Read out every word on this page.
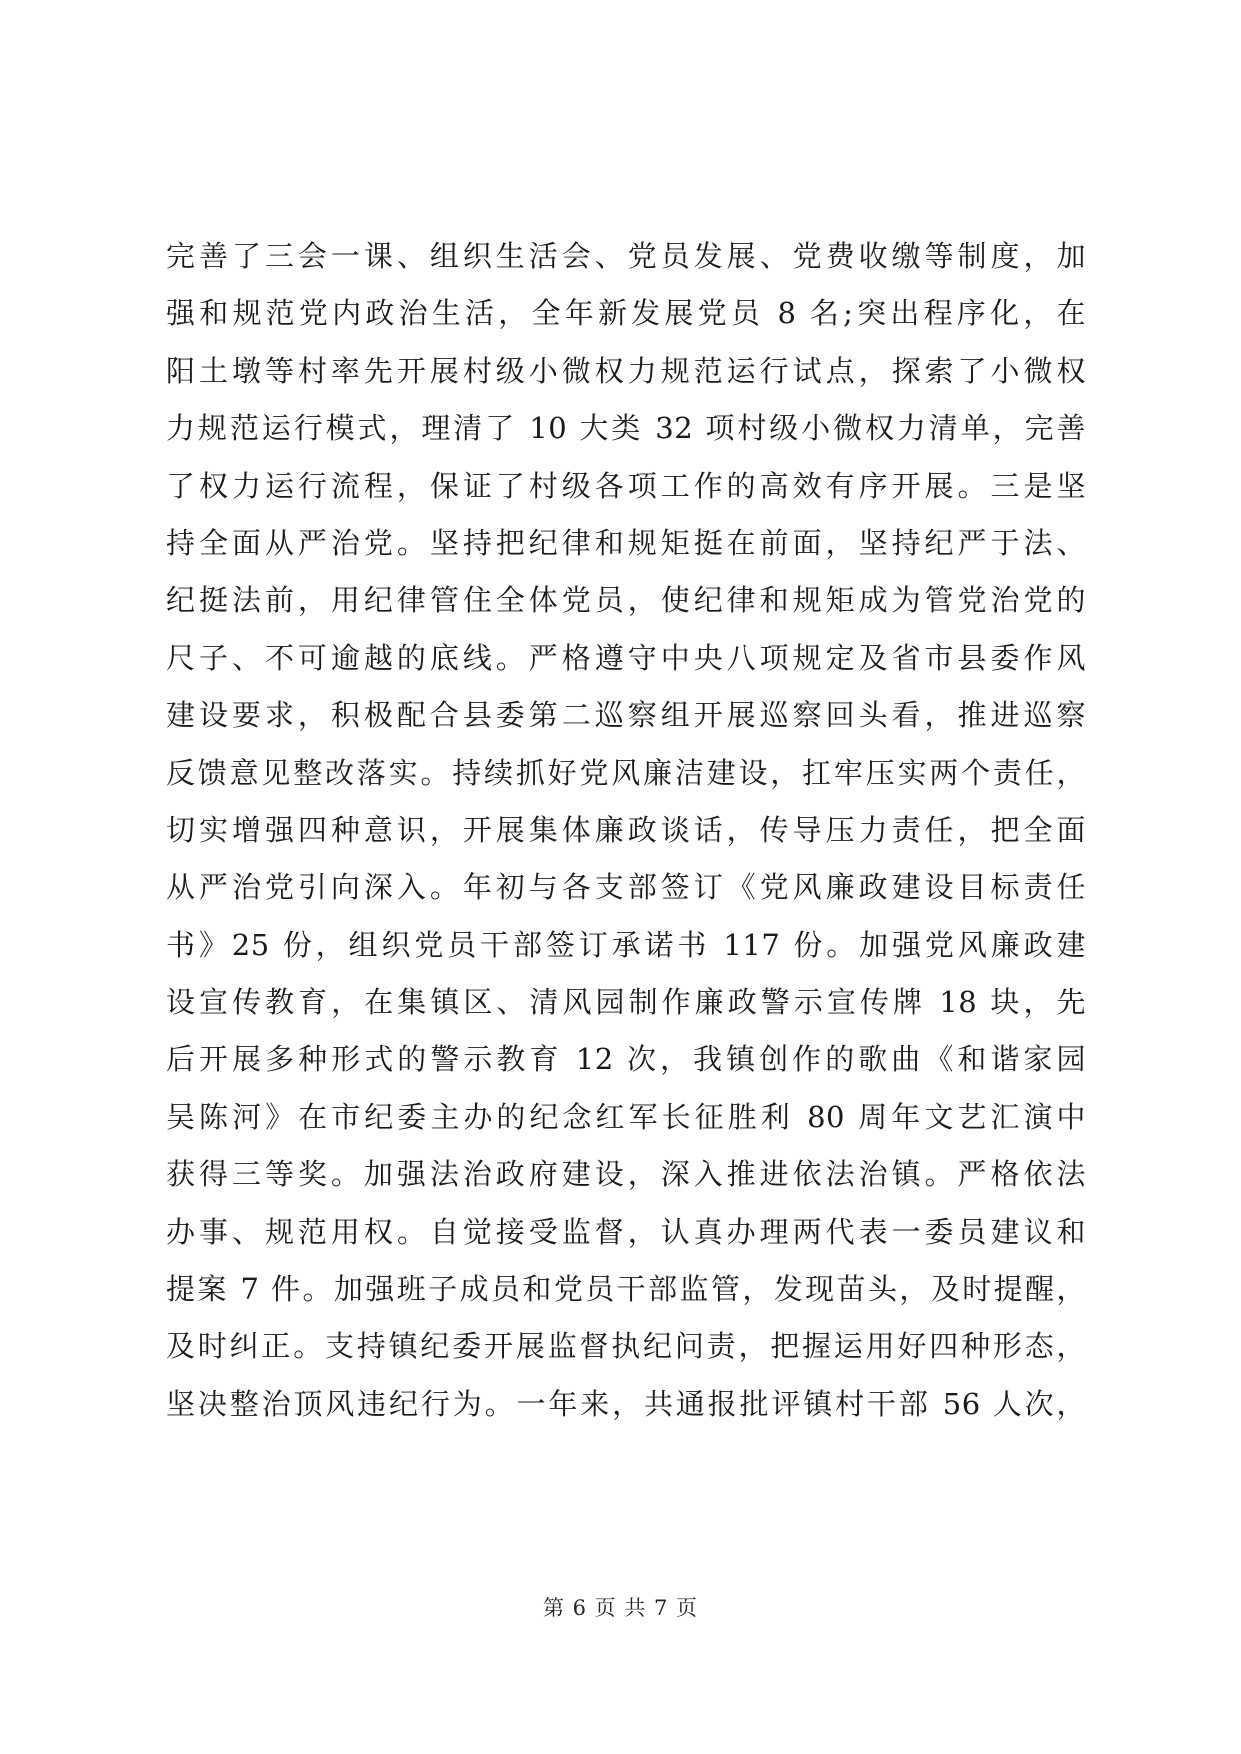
完善了三会一课、组织生活会、党员发展、党费收缴等制度，加
强和规范党内政治生活，全年新发展党员 8 名;突出程序化，在
阳土墩等村率先开展村级小微权力规范运行试点，探索了小微权
力规范运行模式，理清了 10 大类 32 项村级小微权力清单，完善
了权力运行流程，保证了村级各项工作的高效有序开展。三是坚
持全面从严治党。坚持把纪律和规矩挺在前面，坚持纪严于法、
纪挺法前，用纪律管住全体党员，使纪律和规矩成为管党治党的
尺子、不可逾越的底线。严格遵守中央八项规定及省市县委作风
建设要求，积极配合县委第二巡察组开展巡察回头看，推进巡察
反馈意见整改落实。持续抓好党风廉洁建设，扛牢压实两个责任，
切实增强四种意识，开展集体廉政谈话，传导压力责任，把全面
从严治党引向深入。年初与各支部签订《党风廉政建设目标责任
书》25 份，组织党员干部签订承诺书 117 份。加强党风廉政建
设宣传教育，在集镇区、清风园制作廉政警示宣传牌 18 块，先
后开展多种形式的警示教育 12 次，我镇创作的歌曲《和谐家园
吴陈河》在市纪委主办的纪念红军长征胜利 80 周年文艺汇演中
获得三等奖。加强法治政府建设，深入推进依法治镇。严格依法
办事、规范用权。自觉接受监督，认真办理两代表一委员建议和
提案 7 件。加强班子成员和党员干部监管，发现苗头，及时提醒，
及时纠正。支持镇纪委开展监督执纪问责，把握运用好四种形态，
坚决整治顶风违纪行为。一年来，共通报批评镇村干部 56 人次，
第 6 页 共 7 页
